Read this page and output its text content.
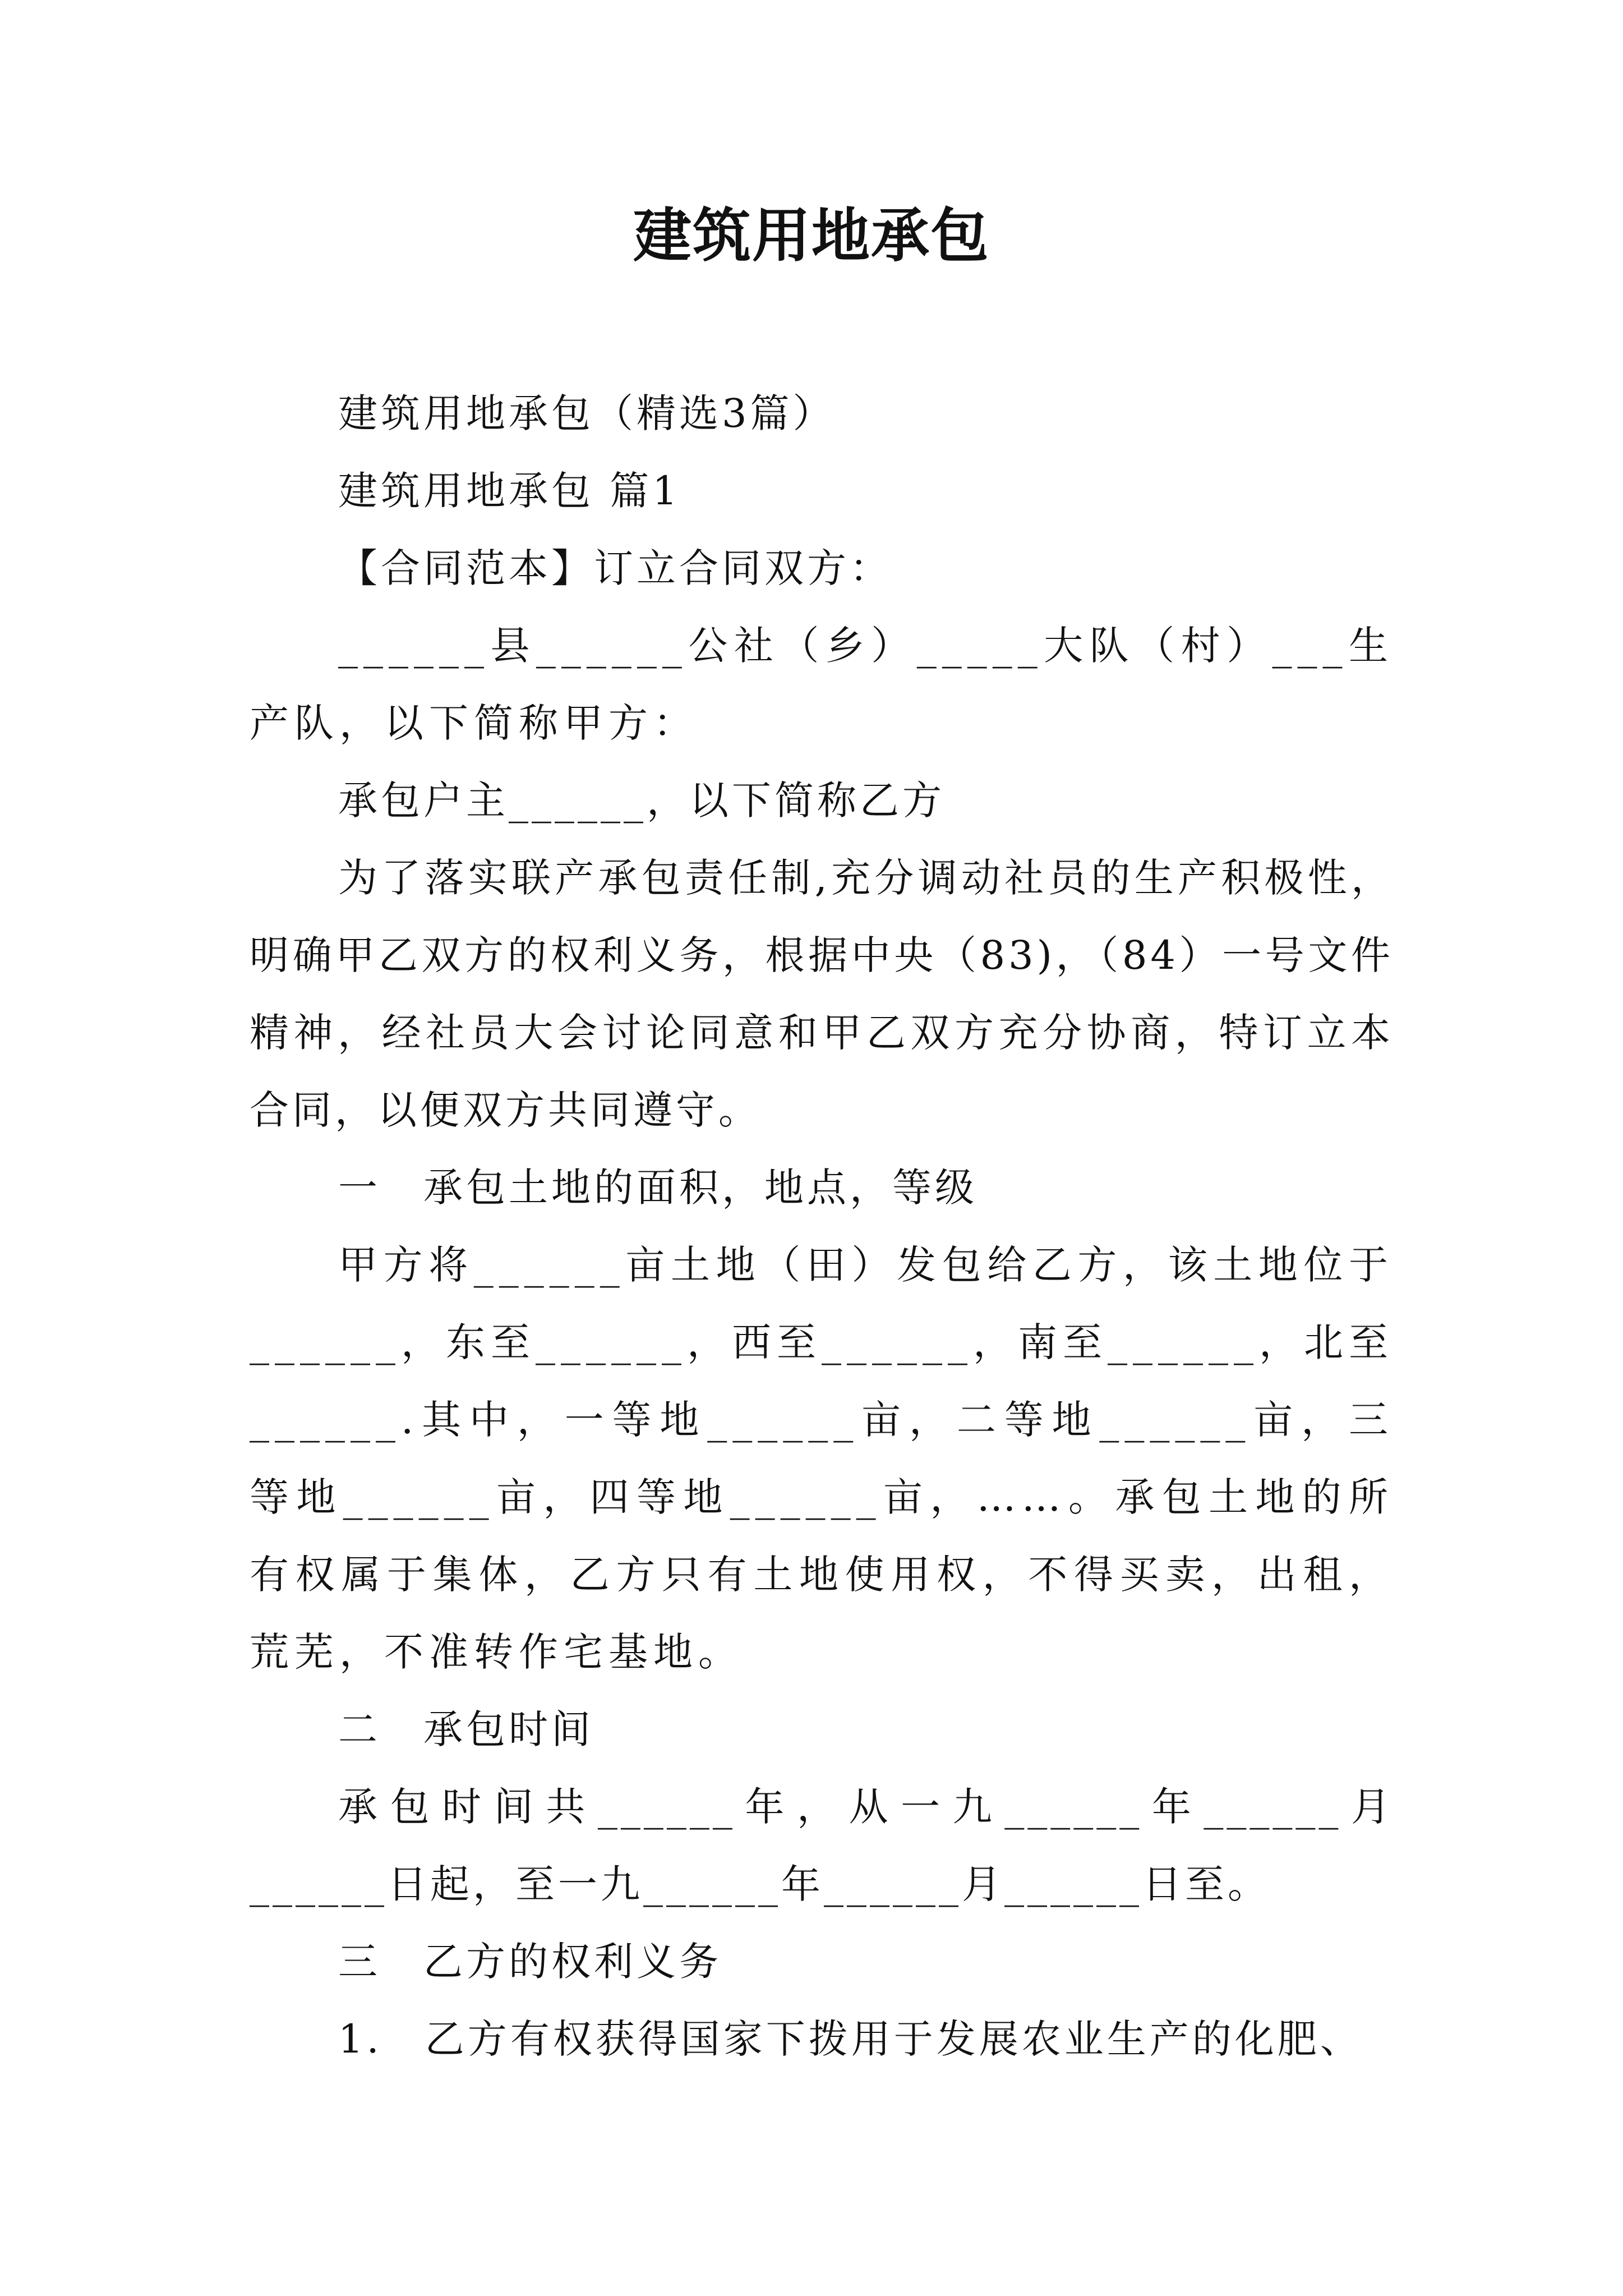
建筑用地承包

建筑用地承包（精选3篇）

建筑用地承包 篇1

【合同范本】订立合同双方：

______县______公社（乡）_____大队（村）___生产队，以下简称甲方：

承包户主______，以下简称乙方

为了落实联产承包责任制,充分调动社员的生产积极性，明确甲乙双方的权利义务，根据中央（83)，（84）一号文件精神，经社员大会讨论同意和甲乙双方充分协商，特订立本合同，以便双方共同遵守。

一　承包土地的面积，地点，等级

甲方将______亩土地（田）发包给乙方，该土地位于______，东至______，西至______，南至______，北至______.其中，一等地______亩，二等地______亩，三等地______亩，四等地______亩，……。承包土地的所有权属于集体，乙方只有土地使用权，不得买卖，出租，荒芜，不准转作宅基地。

二　承包时间

承包时间共______年，从一九______年______月______日起，至一九______年______月______日至。

三　乙方的权利义务

1.　乙方有权获得国家下拨用于发展农业生产的化肥、
